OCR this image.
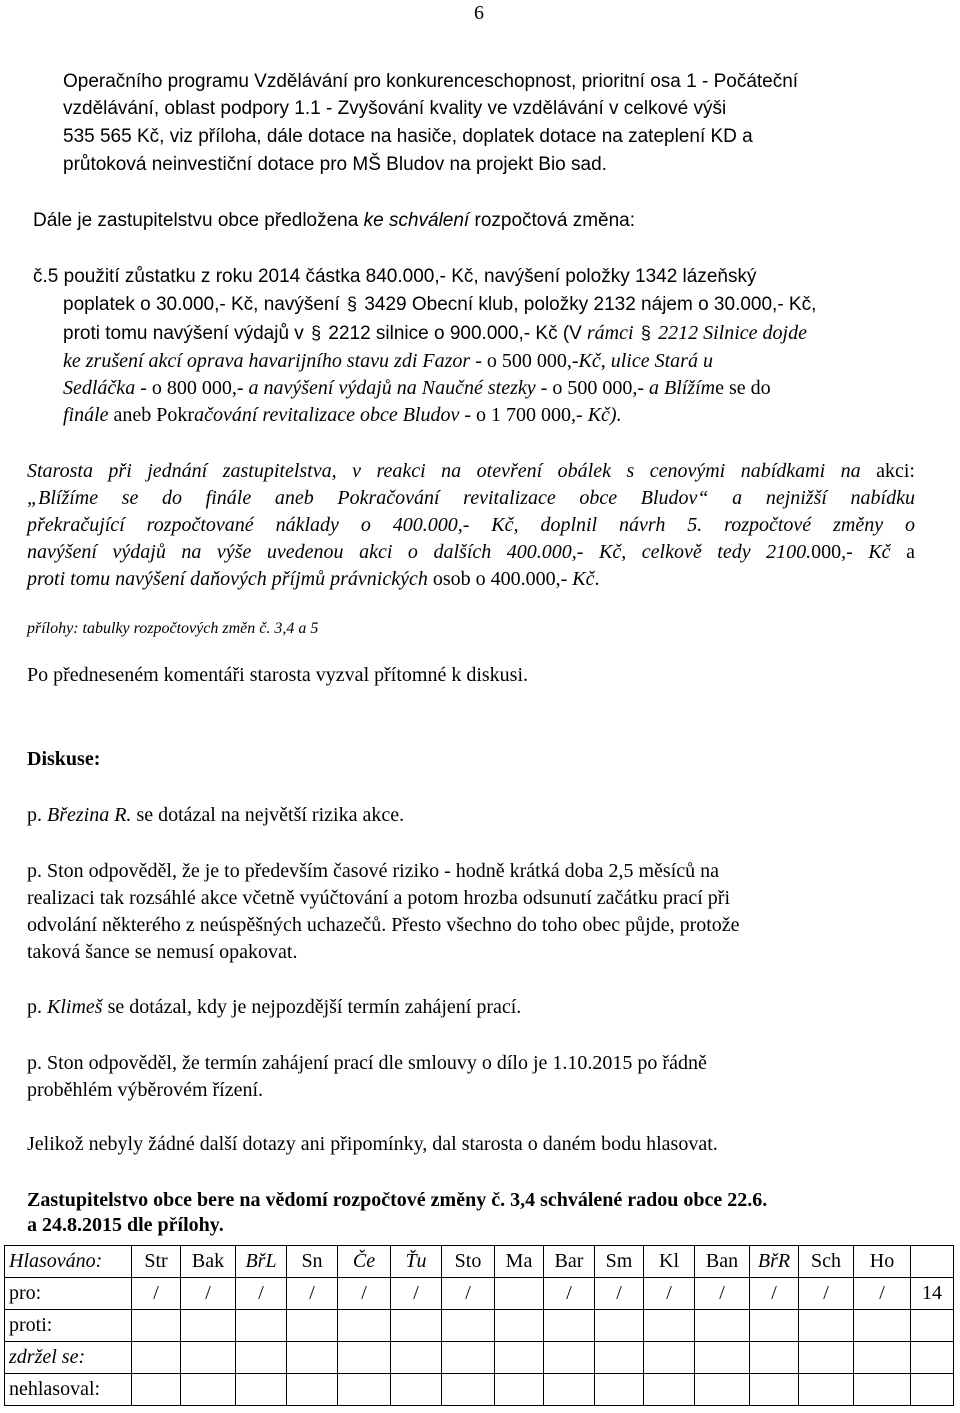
6
Operačního programu Vzdělávání pro konkurenceschopnost, prioritní osa 1 - Počáteční
vzdělávání, oblast podpory 1.1 - Zvyšování kvality ve vzdělávání v celkové výši
535 565 Kč, viz příloha, dále dotace na hasiče, doplatek dotace na zateplení KD a
průtoková neinvestiční dotace pro MŠ Bludov na projekt Bio sad.
Dále je zastupitelstvu obce předložena ke schválení rozpočtová změna:
č.5 použití zůstatku z roku 2014 částka 840.000,- Kč, navýšení položky 1342 lázeňský
poplatek o 30.000,- Kč, navýšení § 3429 Obecní klub, položky 2132 nájem o 30.000,- Kč,
proti tomu navýšení výdajů v § 2212 silnice o 900.000,- Kč (V rámci § 2212 Silnice dojde
ke zrušení akcí oprava havarijního stavu zdi Fazor - o 500 000,-Kč, ulice Stará u
Sedláčka - o 800 000,- a navýšení výdajů na Naučné stezky - o 500 000,- a Blížíme se do
finále aneb Pokračování revitalizace obce Bludov - o 1 700 000,- Kč).
Starosta při jednání zastupitelstva, v reakci na otevření obálek s cenovými nabídkami na akci:
„Blížíme se do finále aneb Pokračování revitalizace obce Bludov“ a nejnižší nabídku
překračující rozpočtované náklady o 400.000,- Kč, doplnil návrh 5. rozpočtové změny o
navýšení výdajů na výše uvedenou akci o dalších 400.000,- Kč, celkově tedy 2100.000,- Kč a
proti tomu navýšení daňových příjmů právnických osob o 400.000,- Kč.
přílohy: tabulky rozpočtových změn č. 3,4 a 5
Po předneseném komentáři starosta vyzval přítomné k diskusi.
Diskuse:
p. Březina R. se dotázal na největší rizika akce.
p. Ston odpověděl, že je to především časové riziko - hodně krátká doba 2,5 měsíců na
realizaci tak rozsáhlé akce včetně vyúčtování a potom hrozba odsunutí začátku prací při
odvolání některého z neúspěšných uchazečů. Přesto všechno do toho obec půjde, protože
taková šance se nemusí opakovat.
p. Klimeš se dotázal, kdy je nejpozdější termín zahájení prací.
p. Ston odpověděl, že termín zahájení prací dle smlouvy o dílo je 1.10.2015 po řádně
proběhlém výběrovém řízení.
Jelikož nebyly žádné další dotazy ani připomínky, dal starosta o daném bodu hlasovat.
Zastupitelstvo obce bere na vědomí rozpočtové změny č. 3,4 schválené radou obce 22.6.
a 24.8.2015 dle přílohy.
Hlasováno:	Str	Bak	BřL	Sn	Če	Ťu	Sto	Ma	Bar	Sm	Kl	Ban	BřR	Sch	Ho	
pro:	/	/	/	/	/	/	/		/	/	/	/	/	/	/	14
proti:																
zdržel se:																
nehlasoval:																
